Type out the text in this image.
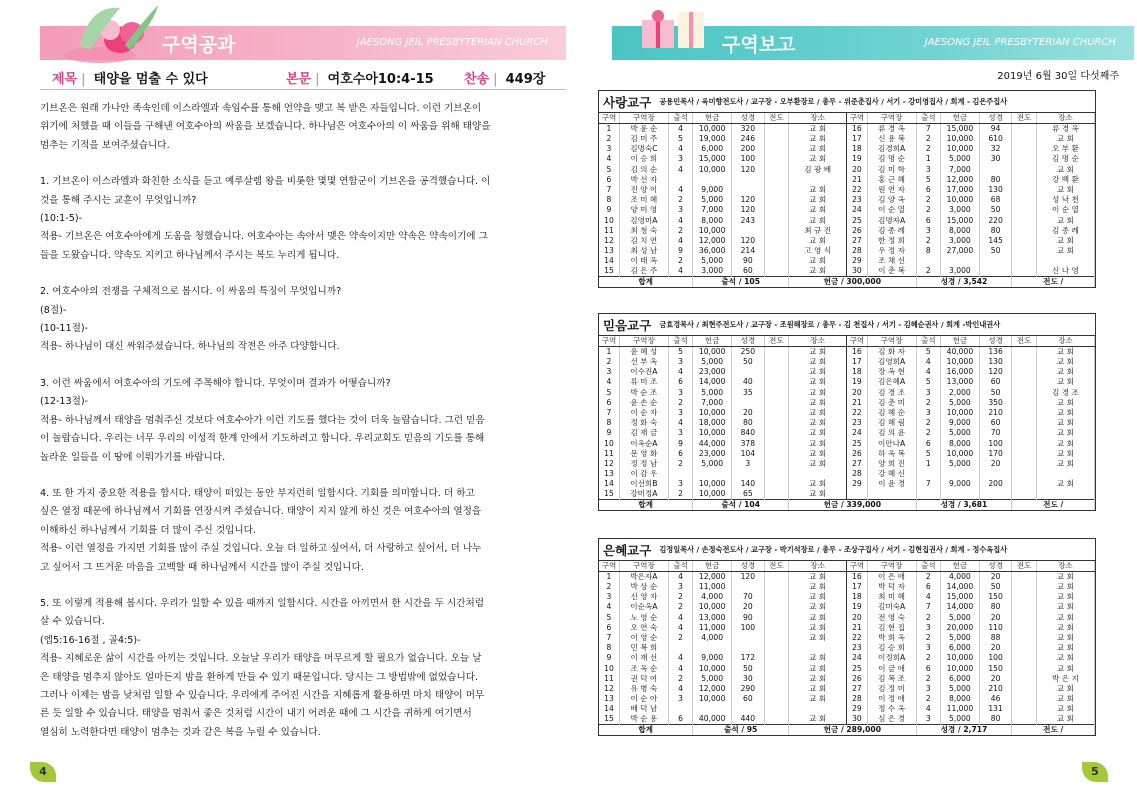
구역공과	JAESONG JEIL PRESBYTERIAN CHURCH
제목 | 태양을 멈출 수 있다	본문 | 여호수아10:4-15 찬송 | 449장

기브온은 원래 가나안 족속인데 이스라엘과 속임수를 통해 언약을 맺고 복 받은 자들입니다. 이런 기브온이
위기에 처했을 때 이들을 구해낸 여호수아의 싸움을 보겠습니다. 하나님은 여호수아의 이 싸움을 위해 태양을
멈추는 기적을 보여주셨습니다.

1. 기브온이 이스라엘과 화친한 소식을 듣고 예루살렘 왕을 비롯한 몇몇 연합군이 기브온을 공격했습니다. 이
것을 통해 주시는 교훈이 무엇입니까?
(10:1-5)-
적용- 기브온은 여호수아에게 도움을 청했습니다. 여호수아는 속아서 맺은 약속이지만 약속은 약속이기에 그
들을 도왔습니다. 약속도 지키고 하나님께서 주시는 복도 누리게 됩니다.

2. 여호수아의 전쟁을 구체적으로 봅시다. 이 싸움의 특징이 무엇입니까?
(8절)-
(10-11절)-
적용- 하나님이 대신 싸워주셨습니다. 하나님의 작전은 아주 다양합니다.

3. 이런 싸움에서 여호수아의 기도에 주목해야 합니다. 무엇이며 결과가 어떻습니까?
(12-13절)-
적용- 하나님께서 태양을 멈춰주신 것보다 여호수아가 이런 기도를 했다는 것이 더욱 놀랍습니다. 그런 믿음
이 놀랍습니다. 우리는 너무 우리의 이성적 한계 안에서 기도하려고 합니다. 우리교회도 믿음의 기도를 통해
놀라운 일들을 이 땅에 이뤄가기를 바랍니다.

4. 또 한 가지 중요한 적용을 합시다. 태양이 떠있는 동안 부지런히 일합시다. 기회를 의미합니다. 더 하고
싶은 열정 때문에 하나님께서 기회를 연장시켜 주셨습니다. 태양이 지지 않게 하신 것은 여호수아의 열정을
이해하신 하나님께서 기회를 더 많이 주신 것입니다.
적용- 이런 열정을 가지면 기회를 많이 주실 것입니다. 오늘 더 일하고 싶어서, 더 사랑하고 싶어서, 더 나누
고 싶어서 그 뜨거운 마음을 고백할 때 하나님께서 시간을 많이 주실 것입니다.

5. 또 이렇게 적용해 봅시다. 우리가 일할 수 있을 때까지 일합시다. 시간을 아끼면서 한 시간을 두 시간처럼
살 수 있습니다.
(엡5:16-16절 , 골4:5)-
적용- 지혜로운 삶이 시간을 아끼는 것입니다. 오늘날 우리가 태양을 머무르게 할 필요가 없습니다. 오늘 날
은 태양을 멈추지 않아도 얼마든지 밤을 환하게 만들 수 있기 때문입니다. 당시는 그 방법밖에 없었습니다.
그러나 이제는 밤을 낮처럼 일할 수 있습니다. 우리에게 주어진 시간을 지혜롭게 활용하면 마치 태양이 머무
른 듯 일할 수 있습니다. 태양을 멈춰서 좋은 것처럼 시간이 내기 어려운 때에 그 시간을 귀하게 여기면서
열심히 노력한다면 태양이 멈추는 것과 같은 복을 누릴 수 있습니다.

4
구역보고	JAESONG JEIL PRESBYTERIAN CHURCH
2019년 6월 30일 다섯째주
사랑교구 공용민목사 / 육미향전도사 / 교구장 - 오부환장로 / 총무 - 위준춘집사 / 서기 - 강미영집사 / 회계 - 김은주집사
구역	구역장	출석	헌금	성경	전도	장소	구역	구역장	출석	헌금	성경	전도	장소
1	박 윤 순	4	10,000	320		교 회	16	류 경 옥	7	15,000	94		류 경 옥
2	김 미 주	5	19,000	246		교 회	17	신 용 복	2	10,000	610		교 회
3	김명숙C	4	6,000	200		교 회	18	김경희A	2	10,000	32		오 부 환
4	이 승 희	3	15,000	100		교 회	19	김 명 순	1	5,000	30		김 명 순
5	김 의 순	4	10,000	120		김 광 배	20	김 미 학	3	7,000			교 회
6	박 선 자						21	홍 근 혜	5	12,000	80		강 백 환
7	진 양 이	4	9,000			교 회	22	원 연 자	6	17,000	130		교 회
8	조 미 혜	2	5,000	120		교 회	23	김 양 옥	2	10,000	68		성 낙 천
9	양 미 영	3	7,000	120		교 회	24	이 순 열	2	3,000	50		이 순 열
10	김영미A	4	8,000	243		교 회	25	김명자A	6	15,000	220		교 회
11	최 청 숙	2	10,000			최 규 진	26	김 종 례	3	8,000	80		김 종 례
12	김 치 연	4	12,000	120		교 회	27	한 정 희	2	3,000	145		교 회
13	최 성 남	9	36,000	214		고 영 식	28	우 정 자	8	27,000	50		교 회
14	이 태 옥	2	5,000	90		교 회	29	조 채 선					
15	김 은 주	4	3,000	60		교 회	30	이 춘 복	2	3,000			신 나 영
합계			출석 / 105			헌금 / 300,000			성경 / 3,542			전도 /	
믿음교구 금효경목사 / 최현주전도사 / 교구장 - 조원해장로 / 총무 - 김 천집사 / 서기 - 김혜순권사 / 회계 -박인내권사
구역	구역장	출석	헌금	성경	전도	장소	구역	구역장	출석	헌금	성경	전도	장소
1	윤 혜 성	5	10,000	250		교 회	16	김 화 자	5	40,000	136		교 회
2	선 부 옥	3	5,000	50		교 회	17	김영희A	4	10,000	130		교 회
3	이수진A	4	23,000			교 회	18	장 옥 현	4	16,000	120		교 회
4	류 미 조	6	14,000	40		교 회	19	김은혜A	5	13,000	60		교 회
5	박 순 조	3	5,000	35		교 회	20	김 경 조	3	2,000	50		김 경 조
6	윤 손 순	2	7,000			교 회	21	김 춘 미	2	5,000	350		교 회
7	이 순 자	3	10,000	20		교 회	22	김 혜 순	3	10,000	210		교 회
8	정 화 숙	4	18,000	80		교 회	23	김 혜 림	2	9,000	60		교 회
9	김 재 금	3	10,000	840		교 회	24	김 의 윤	2	5,000	70		교 회
10	이옥순A	9	44,000	378		교 회	25	이안나A	6	8,000	100		교 회
11	문 영 화	6	23,000	104		교 회	26	하 옥 복	5	10,000	170		교 회
12	정 정 남	2	5,000	3		교 회	27	양 희 진	1	5,000	20		교 회
13	이 감 우						28	강 혜 신					
14	이선희B	3	10,000	140		교 회	29	이 윤 경	7	9,000	200		교 회
15	강미정A	2	10,000	65		교 회							
합계			출석 / 104			헌금 / 339,000			성경 / 3,681			전도 /	
은혜교구 김정일목사 / 손정숙전도사 / 교구장 - 박기석장로 / 총무 - 조상구집사 / 서기 - 김현집권사 / 회계 - 정수옥집사
구역	구역장	출석	헌금	성경	전도	장소	구역	구역장	출석	헌금	성경	전도	장소
1	박은자A	4	12,000	120		교 회	16	이 은 애	2	4,000	20		교 회
2	박 상 순	3	11,000			교 회	17	박 덕 자	6	14,000	50		교 회
3	신 영 자	2	4,000	70		교 회	18	최 미 혜	4	15,000	150		교 회
4	이순옥A	2	10,000	20		교 회	19	김미숙A	7	14,000	80		교 회
5	노 영 순	4	13,000	90		교 회	20	전 영 숙	2	5,000	20		교 회
6	오 연 숙	4	11,000	100		교 회	21	김 현 집	3	20,000	110		교 회
7	이 영 순	2	4,000			교 회	22	박 희 옥	2	5,000	88		교 회
8	민 복 희						23	김 승 희	3	6,000	20		교 회
9	이 재 선	4	9,000	172		교 회	24	이정희A	2	10,000	100		교 회
10	조 옥 순	4	10,000	50		교 회	25	이 금 애	6	10,000	150		교 회
11	권 덕 여	2	5,000	30		교 회	26	김 복 조	2	6,000	20		박 은 지
12	유 병 숙	4	12,000	290		교 회	27	김 정 미	3	5,000	210		교 회
13	이 순 아	3	10,000	60		교 회	28	이 정 애	2	8,000	46		교 회
14	배 덕 남						29	정 수 옥	4	11,000	131		교 회
15	박 순 용	6	40,000	440		교 회	30	심 은 경	3	5,000	80		교 회
합계			출석 / 95			헌금 / 289,000			성경 / 2,717			전도 /	
5
